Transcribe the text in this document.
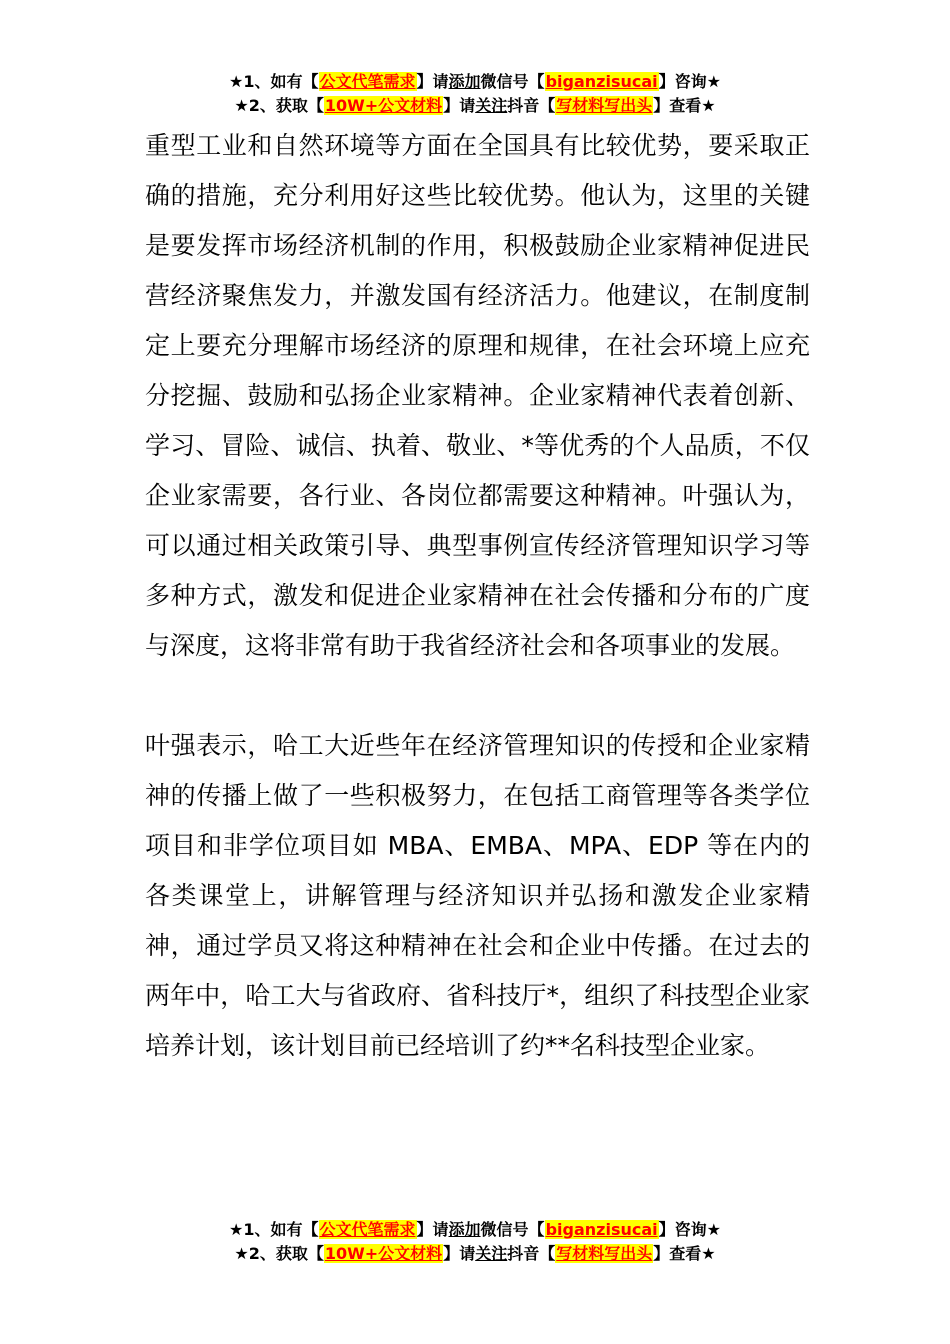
★1、如有【公文代笔需求】请添加微信号【biganzisucai】咨询★
★2、获取【10W+公文材料】请关注抖音【写材料写出头】查看★

重型工业和自然环境等方面在全国具有比较优势，要采取正确的措施，充分利用好这些比较优势。他认为，这里的关键是要发挥市场经济机制的作用，积极鼓励企业家精神促进民营经济聚焦发力，并激发国有经济活力。他建议，在制度制定上要充分理解市场经济的原理和规律，在社会环境上应充分挖掘、鼓励和弘扬企业家精神。企业家精神代表着创新、学习、冒险、诚信、执着、敬业、*等优秀的个人品质，不仅企业家需要，各行业、各岗位都需要这种精神。叶强认为，可以通过相关政策引导、典型事例宣传经济管理知识学习等多种方式，激发和促进企业家精神在社会传播和分布的广度与深度，这将非常有助于我省经济社会和各项事业的发展。

叶强表示，哈工大近些年在经济管理知识的传授和企业家精神的传播上做了一些积极努力，在包括工商管理等各类学位项目和非学位项目如 MBA、EMBA、MPA、EDP 等在内的各类课堂上，讲解管理与经济知识并弘扬和激发企业家精神，通过学员又将这种精神在社会和企业中传播。在过去的两年中，哈工大与省政府、省科技厅*，组织了科技型企业家培养计划，该计划目前已经培训了约**名科技型企业家。

★1、如有【公文代笔需求】请添加微信号【biganzisucai】咨询★
★2、获取【10W+公文材料】请关注抖音【写材料写出头】查看★
